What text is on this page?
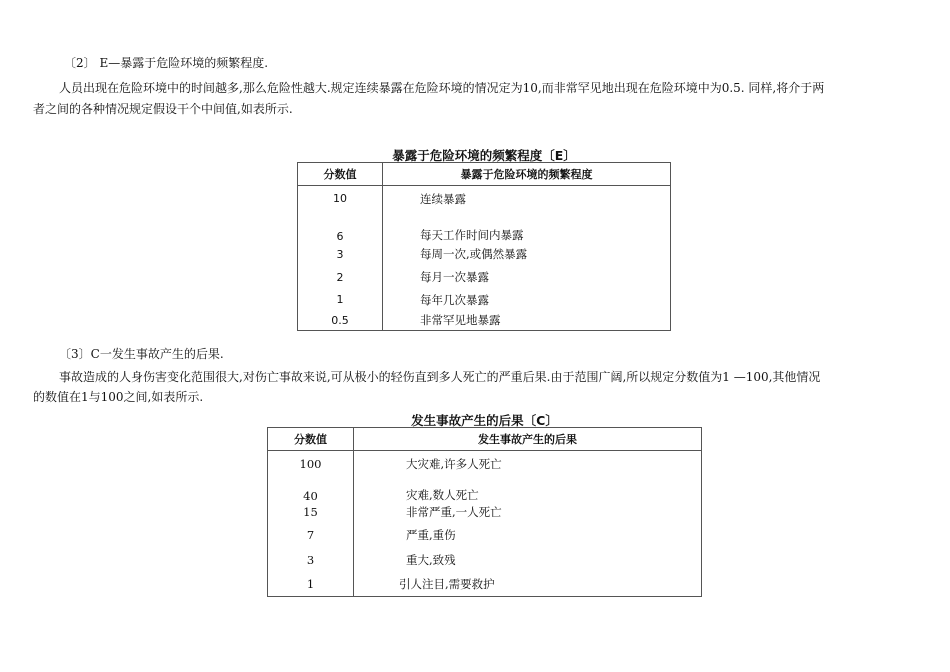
〔2〕 E—暴露于危险环境的频繁程度.
人员出现在危险环境中的时间越多,那么危险性越大.规定连续暴露在危险环境的情况定为10,而非常罕见地出现在危险环境中为0.5. 同样,将介于两
者之间的各种情况规定假设干个中间值,如表所示.
暴露于危险环境的频繁程度〔E〕
分数值	暴露于危险环境的频繁程度
10	连续暴露
6	每天工作时间内暴露
3	每周一次,或偶然暴露
2	每月一次暴露
1	每年几次暴露
0.5	非常罕见地暴露
〔3〕C一发生事故产生的后果.
事故造成的人身伤害变化范围很大,对伤亡事故来说,可从极小的轻伤直到多人死亡的严重后果.由于范围广阔,所以规定分数值为1 —100,其他情况
的数值在1与100之间,如表所示.
发生事故产生的后果〔C〕
分数值	发生事故产生的后果
100	大灾难,许多人死亡
40	灾难,数人死亡
15	非常严重,一人死亡
7	严重,重伤
3	重大,致残
1	引人注目,需要救护
